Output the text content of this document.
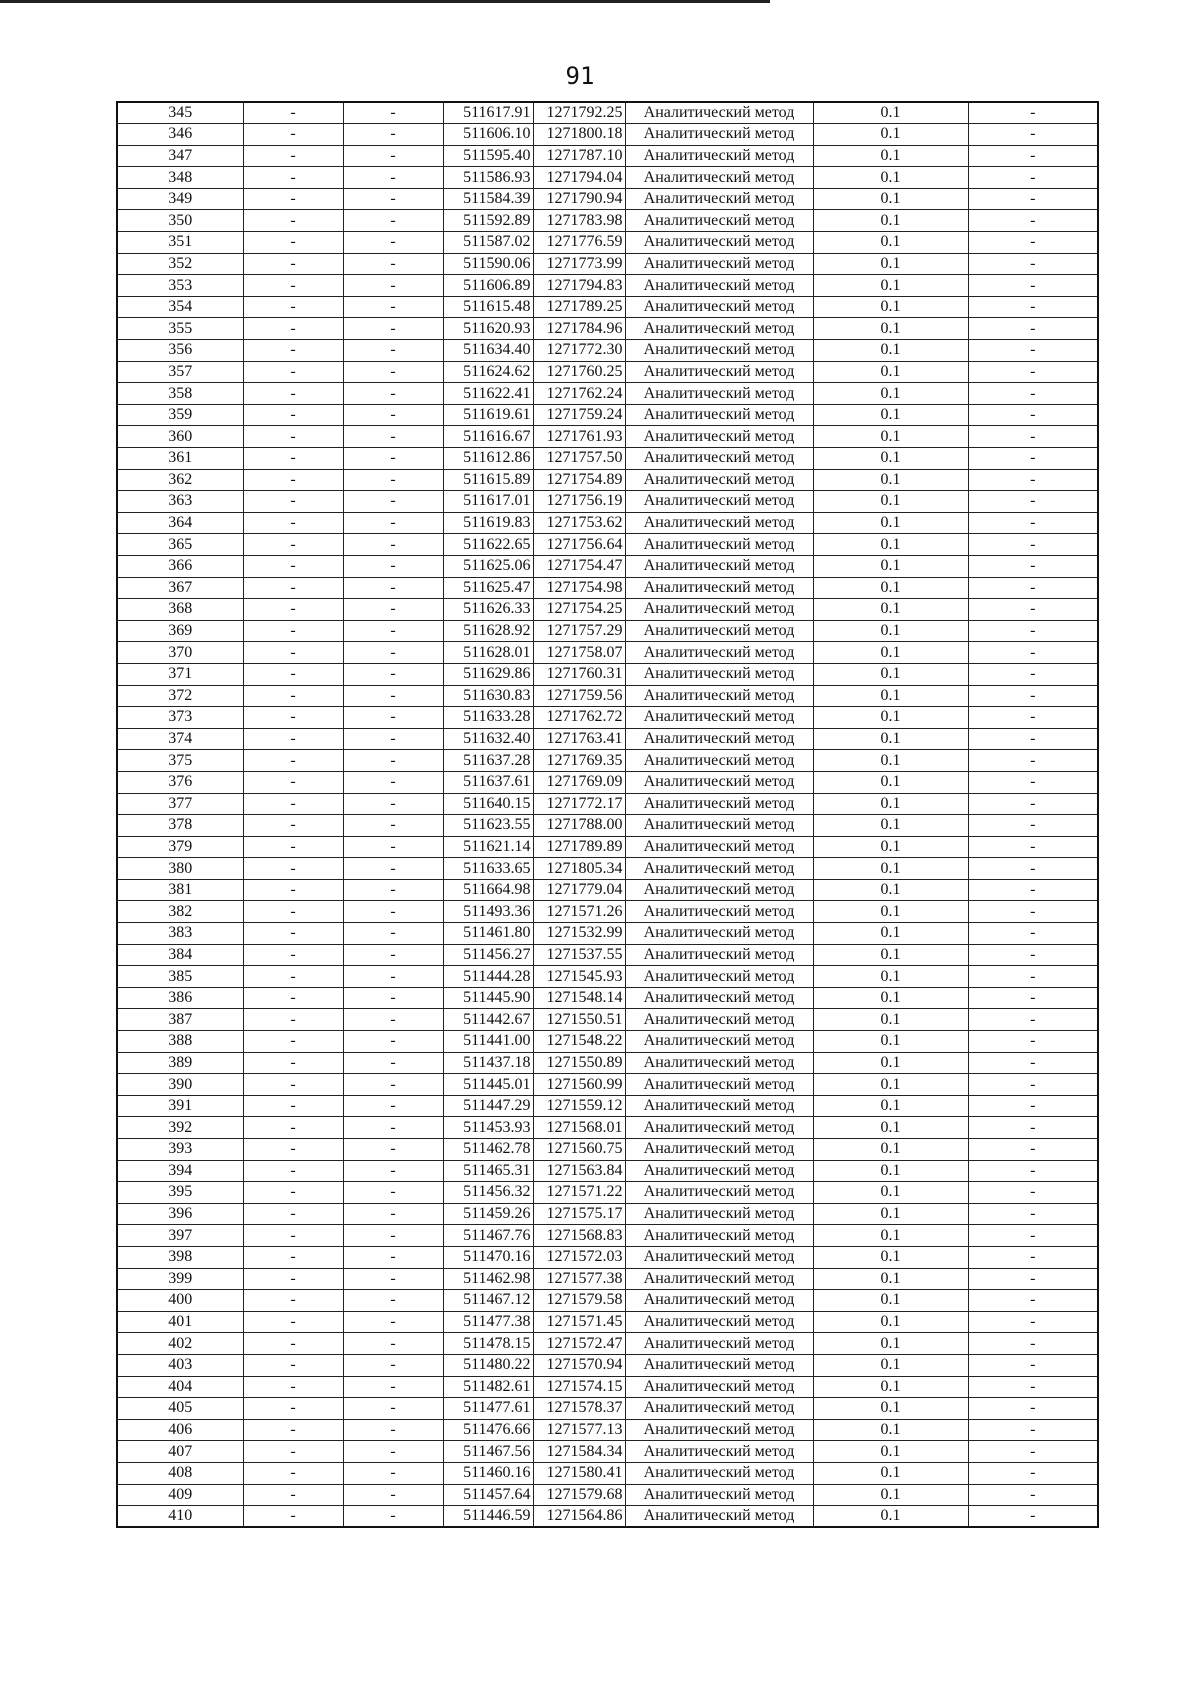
91
345	-	-	511617.91	1271792.25	Аналитический метод	0.1	-
346	-	-	511606.10	1271800.18	Аналитический метод	0.1	-
347	-	-	511595.40	1271787.10	Аналитический метод	0.1	-
348	-	-	511586.93	1271794.04	Аналитический метод	0.1	-
349	-	-	511584.39	1271790.94	Аналитический метод	0.1	-
350	-	-	511592.89	1271783.98	Аналитический метод	0.1	-
351	-	-	511587.02	1271776.59	Аналитический метод	0.1	-
352	-	-	511590.06	1271773.99	Аналитический метод	0.1	-
353	-	-	511606.89	1271794.83	Аналитический метод	0.1	-
354	-	-	511615.48	1271789.25	Аналитический метод	0.1	-
355	-	-	511620.93	1271784.96	Аналитический метод	0.1	-
356	-	-	511634.40	1271772.30	Аналитический метод	0.1	-
357	-	-	511624.62	1271760.25	Аналитический метод	0.1	-
358	-	-	511622.41	1271762.24	Аналитический метод	0.1	-
359	-	-	511619.61	1271759.24	Аналитический метод	0.1	-
360	-	-	511616.67	1271761.93	Аналитический метод	0.1	-
361	-	-	511612.86	1271757.50	Аналитический метод	0.1	-
362	-	-	511615.89	1271754.89	Аналитический метод	0.1	-
363	-	-	511617.01	1271756.19	Аналитический метод	0.1	-
364	-	-	511619.83	1271753.62	Аналитический метод	0.1	-
365	-	-	511622.65	1271756.64	Аналитический метод	0.1	-
366	-	-	511625.06	1271754.47	Аналитический метод	0.1	-
367	-	-	511625.47	1271754.98	Аналитический метод	0.1	-
368	-	-	511626.33	1271754.25	Аналитический метод	0.1	-
369	-	-	511628.92	1271757.29	Аналитический метод	0.1	-
370	-	-	511628.01	1271758.07	Аналитический метод	0.1	-
371	-	-	511629.86	1271760.31	Аналитический метод	0.1	-
372	-	-	511630.83	1271759.56	Аналитический метод	0.1	-
373	-	-	511633.28	1271762.72	Аналитический метод	0.1	-
374	-	-	511632.40	1271763.41	Аналитический метод	0.1	-
375	-	-	511637.28	1271769.35	Аналитический метод	0.1	-
376	-	-	511637.61	1271769.09	Аналитический метод	0.1	-
377	-	-	511640.15	1271772.17	Аналитический метод	0.1	-
378	-	-	511623.55	1271788.00	Аналитический метод	0.1	-
379	-	-	511621.14	1271789.89	Аналитический метод	0.1	-
380	-	-	511633.65	1271805.34	Аналитический метод	0.1	-
381	-	-	511664.98	1271779.04	Аналитический метод	0.1	-
382	-	-	511493.36	1271571.26	Аналитический метод	0.1	-
383	-	-	511461.80	1271532.99	Аналитический метод	0.1	-
384	-	-	511456.27	1271537.55	Аналитический метод	0.1	-
385	-	-	511444.28	1271545.93	Аналитический метод	0.1	-
386	-	-	511445.90	1271548.14	Аналитический метод	0.1	-
387	-	-	511442.67	1271550.51	Аналитический метод	0.1	-
388	-	-	511441.00	1271548.22	Аналитический метод	0.1	-
389	-	-	511437.18	1271550.89	Аналитический метод	0.1	-
390	-	-	511445.01	1271560.99	Аналитический метод	0.1	-
391	-	-	511447.29	1271559.12	Аналитический метод	0.1	-
392	-	-	511453.93	1271568.01	Аналитический метод	0.1	-
393	-	-	511462.78	1271560.75	Аналитический метод	0.1	-
394	-	-	511465.31	1271563.84	Аналитический метод	0.1	-
395	-	-	511456.32	1271571.22	Аналитический метод	0.1	-
396	-	-	511459.26	1271575.17	Аналитический метод	0.1	-
397	-	-	511467.76	1271568.83	Аналитический метод	0.1	-
398	-	-	511470.16	1271572.03	Аналитический метод	0.1	-
399	-	-	511462.98	1271577.38	Аналитический метод	0.1	-
400	-	-	511467.12	1271579.58	Аналитический метод	0.1	-
401	-	-	511477.38	1271571.45	Аналитический метод	0.1	-
402	-	-	511478.15	1271572.47	Аналитический метод	0.1	-
403	-	-	511480.22	1271570.94	Аналитический метод	0.1	-
404	-	-	511482.61	1271574.15	Аналитический метод	0.1	-
405	-	-	511477.61	1271578.37	Аналитический метод	0.1	-
406	-	-	511476.66	1271577.13	Аналитический метод	0.1	-
407	-	-	511467.56	1271584.34	Аналитический метод	0.1	-
408	-	-	511460.16	1271580.41	Аналитический метод	0.1	-
409	-	-	511457.64	1271579.68	Аналитический метод	0.1	-
410	-	-	511446.59	1271564.86	Аналитический метод	0.1	-
